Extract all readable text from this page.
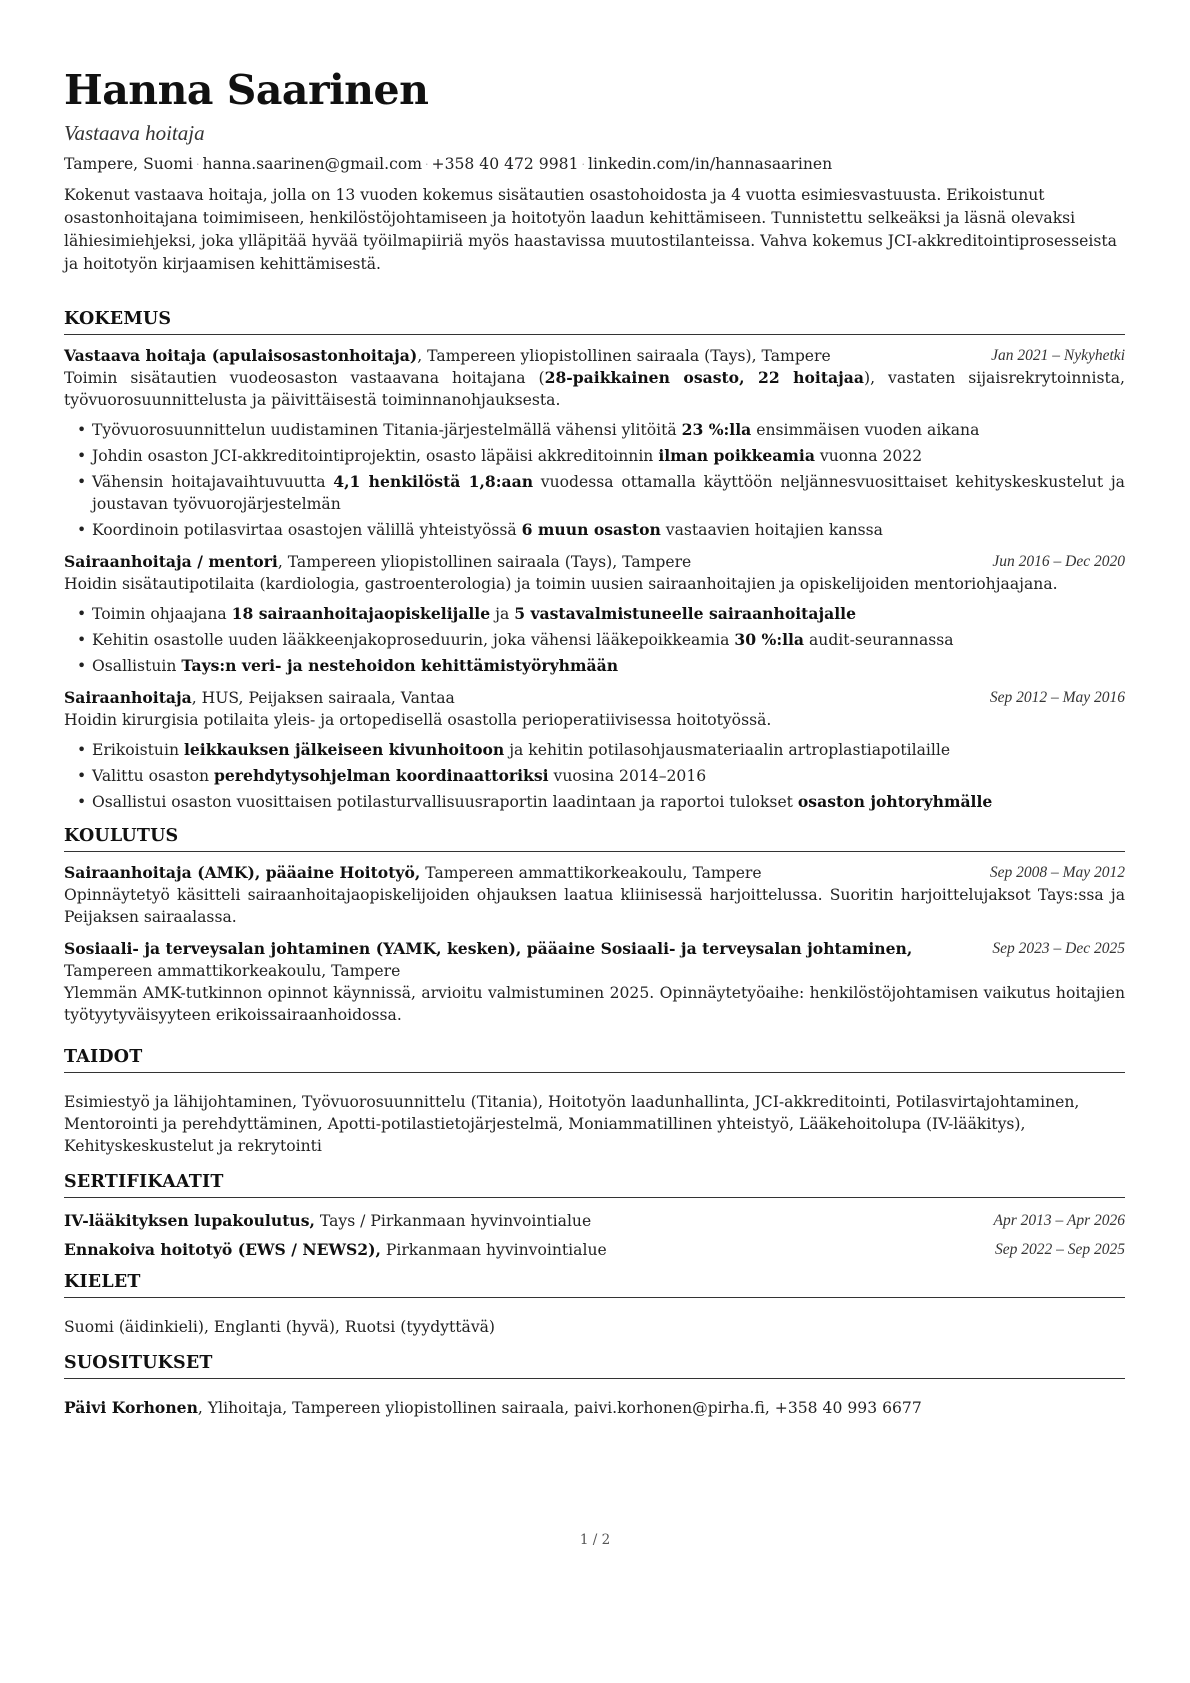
Hanna Saarinen
Vastaava hoitaja
Tampere, Suomi · hanna.saarinen@gmail.com · +358 40 472 9981 · linkedin.com/in/hannasaarinen
Kokenut vastaava hoitaja, jolla on 13 vuoden kokemus sisätautien osastohoidosta ja 4 vuotta esimiesvastuusta. Erikoistunut osastonhoitajana toimimiseen, henkilöstöjohtamiseen ja hoitotyön laadun kehittämiseen. Tunnistettu selkeäksi ja läsnä olevaksi lähiesimiehjeksi, joka ylläpitää hyvää työilmapiiriä myös haastavissa muutostilanteissa. Vahva kokemus JCI-akkreditointiprosesseista ja hoitotyön kirjaamisen kehittämisestä.
KOKEMUS
Vastaava hoitaja (apulaisosastonhoitaja), Tampereen yliopistollinen sairaala (Tays), Tampere	Jan 2021 – Nykyhetki
Toimin sisätautien vuodeosaston vastaavana hoitajana (28-paikkainen osasto, 22 hoitajaa), vastaten sijaisrekrytoinnista, työvuorosuunnittelusta ja päivittäisestä toiminnanohjauksesta.
• Työvuorosuunnittelun uudistaminen Titania-järjestelmällä vähensi ylitöitä 23 %:lla ensimmäisen vuoden aikana
• Johdin osaston JCI-akkreditointiprojektin, osasto läpäisi akkreditoinnin ilman poikkeamia vuonna 2022
• Vähensin hoitajavaihtuvuutta 4,1 henkilöstä 1,8:aan vuodessa ottamalla käyttöön neljännesvuosittaiset kehityskeskustelut ja joustavan työvuorojärjestelmän
• Koordinoin potilasvirtaa osastojen välillä yhteistyössä 6 muun osaston vastaavien hoitajien kanssa
Sairaanhoitaja / mentori, Tampereen yliopistollinen sairaala (Tays), Tampere	Jun 2016 – Dec 2020
Hoidin sisätautipotilaita (kardiologia, gastroenterologia) ja toimin uusien sairaanhoitajien ja opiskelijoiden mentoriohjaajana.
• Toimin ohjaajana 18 sairaanhoitajaopiskelijalle ja 5 vastavalmistuneelle sairaanhoitajalle
• Kehitin osastolle uuden lääkkeenjakoproseduurin, joka vähensi lääkepoikkeamia 30 %:lla audit-seurannassa
• Osallistuin Tays:n veri- ja nestehoidon kehittämistyöryhmään
Sairaanhoitaja, HUS, Peijaksen sairaala, Vantaa	Sep 2012 – May 2016
Hoidin kirurgisia potilaita yleis- ja ortopedisellä osastolla perioperatiivisessa hoitotyössä.
• Erikoistuin leikkauksen jälkeiseen kivunhoitoon ja kehitin potilasohjausmateriaalin artroplastiapotilaille
• Valittu osaston perehdytysohjelman koordinaattoriksi vuosina 2014–2016
• Osallistui osaston vuosittaisen potilasturvallisuusraportin laadintaan ja raportoi tulokset osaston johtoryhmälle
KOULUTUS
Sairaanhoitaja (AMK), pääaine Hoitotyö, Tampereen ammattikorkeakoulu, Tampere	Sep 2008 – May 2012
Opinnäytetyö käsitteli sairaanhoitajaopiskelijoiden ohjauksen laatua kliinisessä harjoittelussa. Suoritin harjoittelujaksot Tays:ssa ja Peijaksen sairaalassa.
Sosiaali- ja terveysalan johtaminen (YAMK, kesken), pääaine Sosiaali- ja terveysalan johtaminen, Tampereen ammattikorkeakoulu, Tampere
Sep 2023 – Dec 2025
Ylemmän AMK-tutkinnon opinnot käynnissä, arvioitu valmistuminen 2025. Opinnäytetyöaihe: henkilöstöjohtamisen vaikutus hoitajien työtyytyväisyyteen erikoissairaanhoidossa.
TAIDOT
Esimiestyö ja lähijohtaminen, Työvuorosuunnittelu (Titania), Hoitotyön laadunhallinta, JCI-akkreditointi, Potilasvirtajohtaminen, Mentorointi ja perehdyttäminen, Apotti-potilastietojärjestelmä, Moniammatillinen yhteistyö, Lääkehoitolupa (IV-lääkitys), Kehityskeskustelut ja rekrytointi
SERTIFIKAATIT
IV-lääkityksen lupakoulutus, Tays / Pirkanmaan hyvinvointialue	Apr 2013 – Apr 2026
Ennakoiva hoitotyö (EWS / NEWS2), Pirkanmaan hyvinvointialue	Sep 2022 – Sep 2025
KIELET
Suomi (äidinkieli), Englanti (hyvä), Ruotsi (tyydyttävä)
SUOSITUKSET
Päivi Korhonen, Ylihoitaja, Tampereen yliopistollinen sairaala, paivi.korhonen@pirha.fi, +358 40 993 6677
1 / 2
